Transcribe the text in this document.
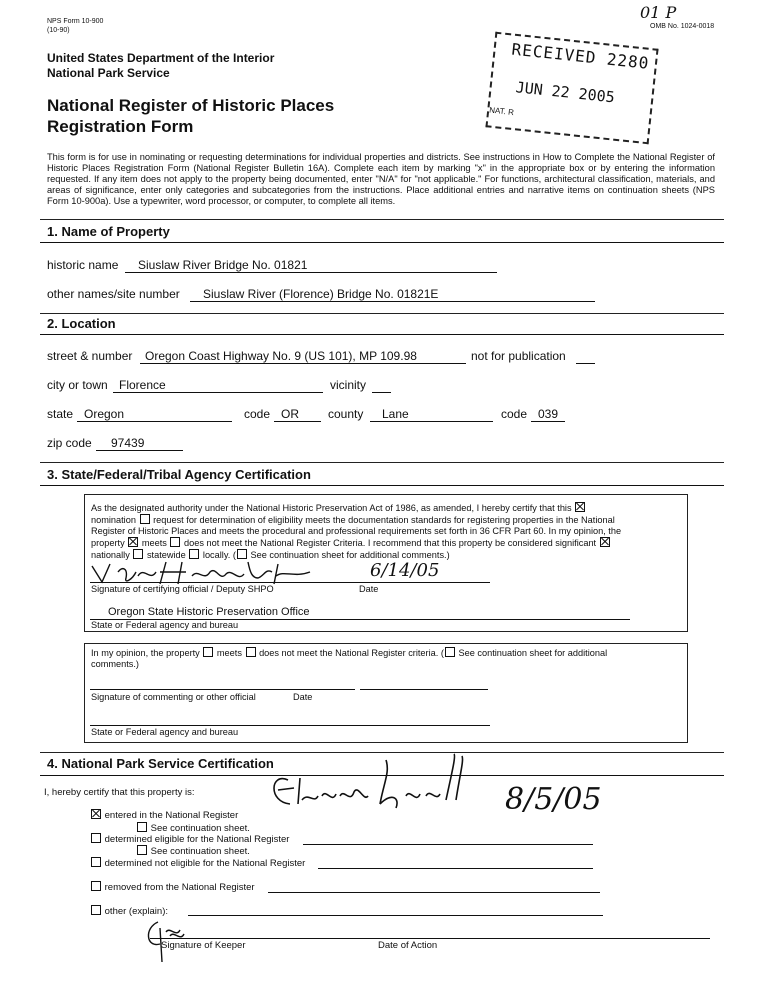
NPS Form 10-900
(10-90)
OMB No. 1024-0018
01 P
United States Department of the Interior
National Park Service
National Register of Historic Places
Registration Form
RECEIVED 2280
JUN 22 2005
NAT. R
This form is for use in nominating or requesting determinations for individual properties and districts. See instructions in How to Complete the National Register of Historic Places Registration Form (National Register Bulletin 16A). Complete each item by marking "x" in the appropriate box or by entering the information requested. If any item does not apply to the property being documented, enter "N/A" for "not applicable." For functions, architectural classification, materials, and areas of significance, enter only categories and subcategories from the instructions. Place additional entries and narrative items on continuation sheets (NPS Form 10-900a). Use a typewriter, word processor, or computer, to complete all items.
1. Name of Property
historic name Siuslaw River Bridge No. 01821
other names/site number Siuslaw River (Florence) Bridge No. 01821E
2. Location
street & number Oregon Coast Highway No. 9 (US 101), MP 109.98	not for publication
city or town Florence	vicinity
state Oregon	code OR county Lane	code 039
zip code 97439
3. State/Federal/Tribal Agency Certification
As the designated authority under the National Historic Preservation Act of 1986, as amended, I hereby certify that this
nomination request for determination of eligibility meets the documentation standards for registering properties in the National
Register of Historic Places and meets the procedural and professional requirements set forth in 36 CFR Part 60. In my opinion, the
property meets does not meet the National Register Criteria. I recommend that this property be considered significant
nationally statewide locally. ( See continuation sheet for additional comments.)
6/14/05
Signature of certifying official / Deputy SHPO	Date
Oregon State Historic Preservation Office
State or Federal agency and bureau
In my opinion, the property meets does not meet the National Register criteria. ( See continuation sheet for additional
comments.)
Signature of commenting or other official	Date
State or Federal agency and bureau
4. National Park Service Certification
I, hereby certify that this property is:
entered in the National Register
See continuation sheet.
determined eligible for the National Register
See continuation sheet.
determined not eligible for the National Register
removed from the National Register
other (explain):
Signature of Keeper	Date of Action
8/5/05
